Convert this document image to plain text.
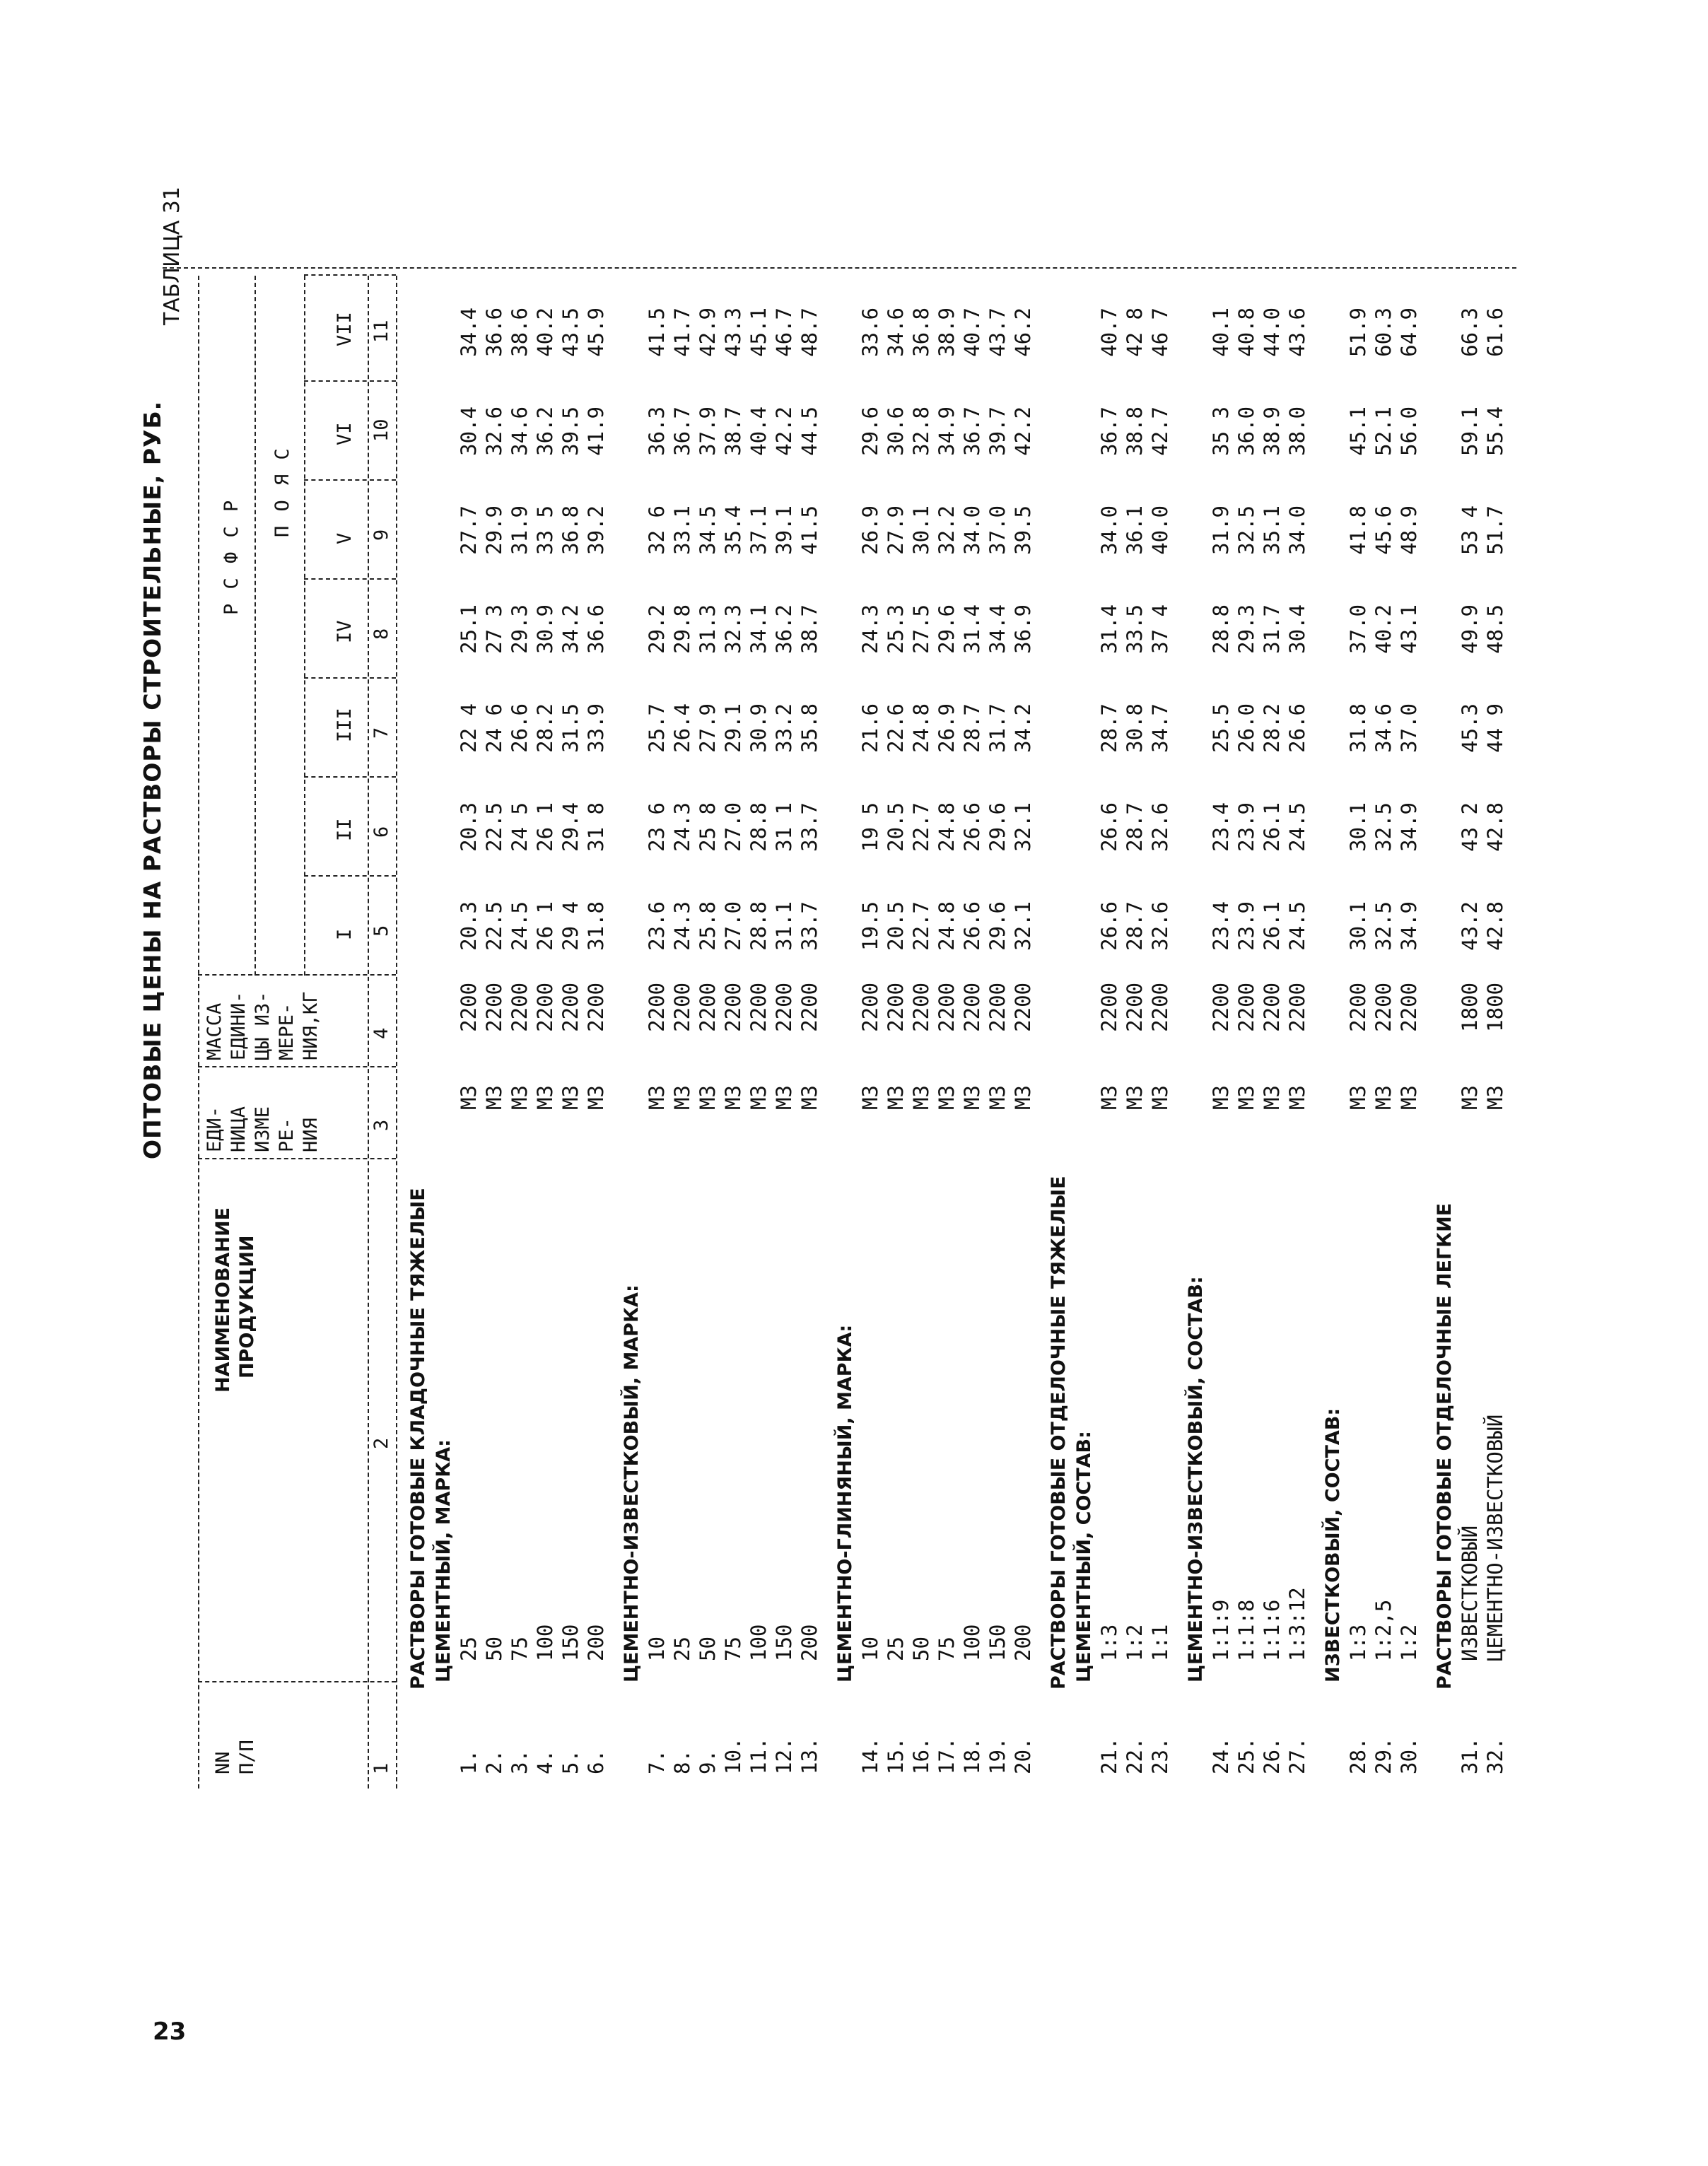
23
ОПТОВЫЕ ЦЕНЫ НА РАСТВОРЫ СТРОИТЕЛЬНЫЕ, РУБ.
ТАБЛИЦА 31
NN П/П
НАИМЕНОВАНИЕ ПРОДУКЦИИ
ЕДИ- НИЦА ИЗМЕ РЕ- НИЯ
МАССА ЕДИНИ- ЦЫ ИЗ- МЕРЕ- НИЯ,КГ
Р С Ф С Р
П О Я С
I
II
III
IV
V
VI
VII
1
2
3
4
5
6
7
8
9
10
11
РАСТВОРЫ ГОТОВЫЕ КЛАДОЧНЫЕ ТЯЖЕЛЫЕ ЦЕМЕНТНЫЙ, МАРКА:
1.
25
М3
2200
20.3
20.3
22 4
25.1
27.7
30.4
34.4
2.
50
М3
2200
22.5
22.5
24 6
27 3
29.9
32.6
36.6
3.
75
М3
2200
24.5
24 5
26.6
29.3
31.9
34.6
38.6
4.
100
М3
2200
26 1
26 1
28.2
30.9
33 5
36.2
40.2
5.
150
М3
2200
29 4
29.4
31.5
34.2
36.8
39.5
43.5
6.
200
М3
2200
31.8
31 8
33.9
36.6
39.2
41.9
45.9
ЦЕМЕНТНО-ИЗВЕСТКОВЫЙ, МАРКА:
7.
10
М3
2200
23.6
23 6
25.7
29.2
32 6
36.3
41.5
8.
25
М3
2200
24.3
24.3
26.4
29.8
33.1
36.7
41.7
9.
50
М3
2200
25.8
25 8
27.9
31.3
34.5
37.9
42.9
10.
75
М3
2200
27.0
27.0
29.1
32.3
35.4
38.7
43.3
11.
100
М3
2200
28.8
28.8
30.9
34.1
37.1
40.4
45.1
12.
150
М3
2200
31.1
31 1
33.2
36.2
39.1
42.2
46.7
13.
200
М3
2200
33.7
33.7
35.8
38.7
41.5
44.5
48.7
ЦЕМЕНТНО-ГЛИНЯНЫЙ, МАРКА:
14.
10
М3
2200
19.5
19 5
21.6
24.3
26.9
29.6
33.6
15.
25
М3
2200
20.5
20.5
22.6
25.3
27.9
30.6
34.6
16.
50
М3
2200
22.7
22.7
24.8
27.5
30.1
32.8
36.8
17.
75
М3
2200
24.8
24.8
26.9
29.6
32.2
34.9
38.9
18.
100
М3
2200
26.6
26.6
28.7
31.4
34.0
36.7
40.7
19.
150
М3
2200
29.6
29.6
31.7
34.4
37.0
39.7
43.7
20.
200
М3
2200
32.1
32.1
34.2
36.9
39.5
42.2
46.2
РАСТВОРЫ ГОТОВЫЕ ОТДЕЛОЧНЫЕ ТЯЖЕЛЫЕ ЦЕМЕНТНЫЙ, СОСТАВ:
21.
1:3
М3
2200
26.6
26.6
28.7
31.4
34.0
36.7
40.7
22.
1:2
М3
2200
28.7
28.7
30.8
33.5
36.1
38.8
42 8
23.
1:1
М3
2200
32.6
32.6
34.7
37 4
40.0
42.7
46 7
ЦЕМЕНТНО-ИЗВЕСТКОВЫЙ, СОСТАВ:
24.
1:1:9
М3
2200
23.4
23.4
25.5
28.8
31.9
35 3
40.1
25.
1:1:8
М3
2200
23.9
23.9
26.0
29.3
32.5
36.0
40.8
26.
1:1:6
М3
2200
26.1
26.1
28.2
31.7
35.1
38.9
44.0
27.
1:3:12
М3
2200
24.5
24.5
26.6
30.4
34.0
38.0
43.6
ИЗВЕСТКОВЫЙ, СОСТАВ:
28.
1:3
М3
2200
30.1
30.1
31.8
37.0
41.8
45.1
51.9
29.
1:2,5
М3
2200
32.5
32.5
34.6
40.2
45.6
52.1
60.3
30.
1:2
М3
2200
34.9
34.9
37.0
43.1
48.9
56.0
64.9
РАСТВОРЫ ГОТОВЫЕ ОТДЕЛОЧНЫЕ ЛЕГКИЕ
31.
ИЗВЕСТКОВЫЙ
М3
1800
43.2
43 2
45.3
49.9
53 4
59.1
66.3
32.
ЦЕМЕНТНО-ИЗВЕСТКОВЫЙ
М3
1800
42.8
42.8
44 9
48.5
51.7
55.4
61.6
